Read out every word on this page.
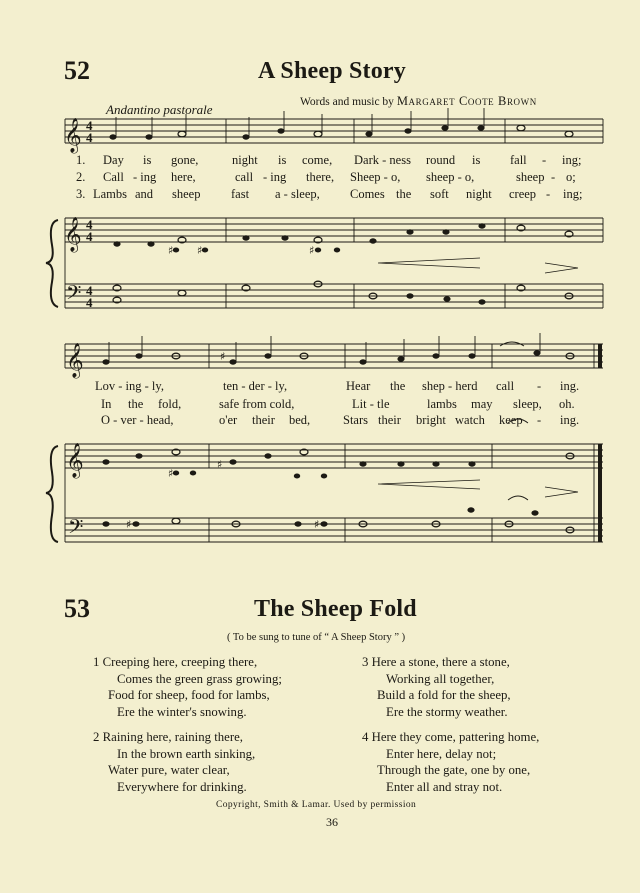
52	A Sheep Story
Words and music by Margaret Coote Brown
Andantino pastorale
𝄞
𝄞
𝄢
𝄞
𝄞
𝄢
4
4
4
4
4
4
♯ ♯	♯
♯
♯
♯
♯	♯
1. Day is gone,	night is come, Dark - ness round is fall - ing;
2. Call - ing here,	call - ing there, Sheep - o, sheep - o,	sheep - o;
3. Lambs and sheep fast a - sleep, Comes the soft night creep - ing;
Lov - ing - ly,	ten - der - ly,	Hear the shep - herd call - ing.
In the fold,	safe from cold,	Lit - tle	lambs may sleep, oh.
O - ver - head,	o'er their bed,	Stars their bright watch keep - ing.
53	The Sheep Fold
( To be sung to tune of “ A Sheep Story ” )
1 Creeping here, creeping there,
Comes the green grass growing;
Food for sheep, food for lambs,
Ere the winter's snowing.
2 Raining here, raining there,
In the brown earth sinking,
Water pure, water clear,
Everywhere for drinking.
3 Here a stone, there a stone,
Working all together,
Build a fold for the sheep,
Ere the stormy weather.
4 Here they come, pattering home,
Enter here, delay not;
Through the gate, one by one,
Enter all and stray not.
Copyright, Smith & Lamar. Used by permission
36
